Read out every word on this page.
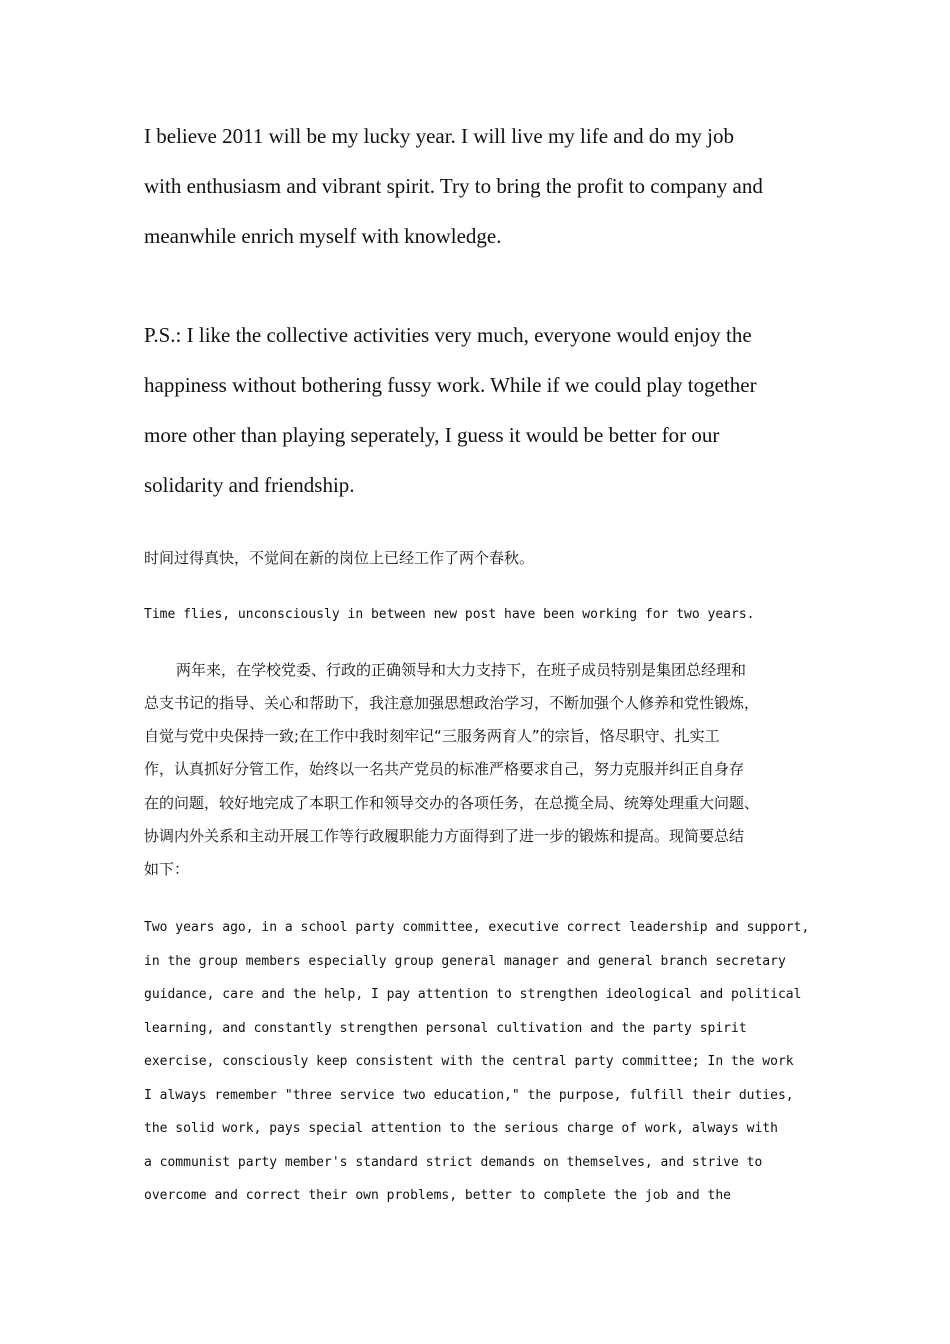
I believe 2011 will be my lucky year. I will live my life and do my job
with enthusiasm and vibrant spirit. Try to bring the profit to company and
meanwhile enrich myself with knowledge.
P.S.: I like the collective activities very much, everyone would enjoy the
happiness without bothering fussy work. While if we could play together
more other than playing seperately, I guess it would be better for our
solidarity and friendship.
时间过得真快，不觉间在新的岗位上已经工作了两个春秋。
Time flies, unconsciously in between new post have been working for two years.
两年来，在学校党委、行政的正确领导和大力支持下，在班子成员特别是集团总经理和
总支书记的指导、关心和帮助下，我注意加强思想政治学习，不断加强个人修养和党性锻炼，
自觉与党中央保持一致;在工作中我时刻牢记“三服务两育人”的宗旨，恪尽职守、扎实工
作，认真抓好分管工作，始终以一名共产党员的标准严格要求自己，努力克服并纠正自身存
在的问题，较好地完成了本职工作和领导交办的各项任务，在总揽全局、统筹处理重大问题、
协调内外关系和主动开展工作等行政履职能力方面得到了进一步的锻炼和提高。现简要总结
如下：
Two years ago, in a school party committee, executive correct leadership and support,
in the group members especially group general manager and general branch secretary
guidance, care and the help, I pay attention to strengthen ideological and political
learning, and constantly strengthen personal cultivation and the party spirit
exercise, consciously keep consistent with the central party committee; In the work
I always remember "three service two education," the purpose, fulfill their duties,
the solid work, pays special attention to the serious charge of work, always with
a communist party member's standard strict demands on themselves, and strive to
overcome and correct their own problems, better to complete the job and the
